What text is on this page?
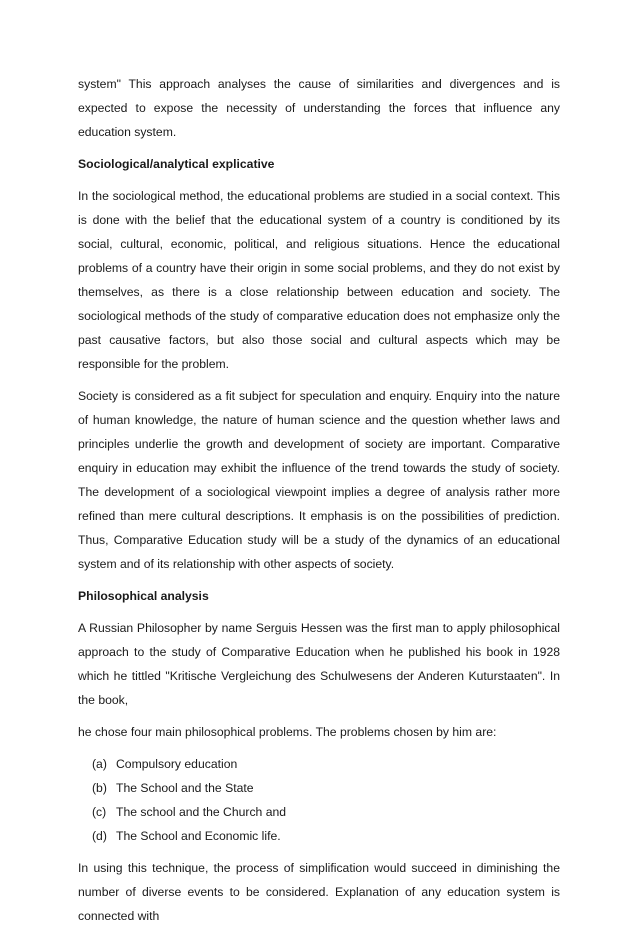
system" This approach analyses the cause of similarities and divergences and is expected to expose the necessity of understanding the forces that influence any education system.

Sociological/analytical explicative

In the sociological method, the educational problems are studied in a social context. This is done with the belief that the educational system of a country is conditioned by its social, cultural, economic, political, and religious situations. Hence the educational problems of a country have their origin in some social problems, and they do not exist by themselves, as there is a close relationship between education and society. The sociological methods of the study of comparative education does not emphasize only the past causative factors, but also those social and cultural aspects which may be responsible for the problem.

Society is considered as a fit subject for speculation and enquiry. Enquiry into the nature of human knowledge, the nature of human science and the question whether laws and principles underlie the growth and development of society are important. Comparative enquiry in education may exhibit the influence of the trend towards the study of society. The development of a sociological viewpoint implies a degree of analysis rather more refined than mere cultural descriptions. It emphasis is on the possibilities of prediction. Thus, Comparative Education study will be a study of the dynamics of an educational system and of its relationship with other aspects of society.

Philosophical analysis

A Russian Philosopher by name Serguis Hessen was the first man to apply philosophical approach to the study of Comparative Education when he published his book in 1928 which he tittled "Kritische Vergleichung des Schulwesens der Anderen Kuturstaaten". In the book,

he chose four main philosophical problems. The problems chosen by him are:

(a) Compulsory education
(b) The School and the State
(c) The school and the Church and
(d) The School and Economic life.

In using this technique, the process of simplification would succeed in diminishing the number of diverse events to be considered. Explanation of any education system is connected with
